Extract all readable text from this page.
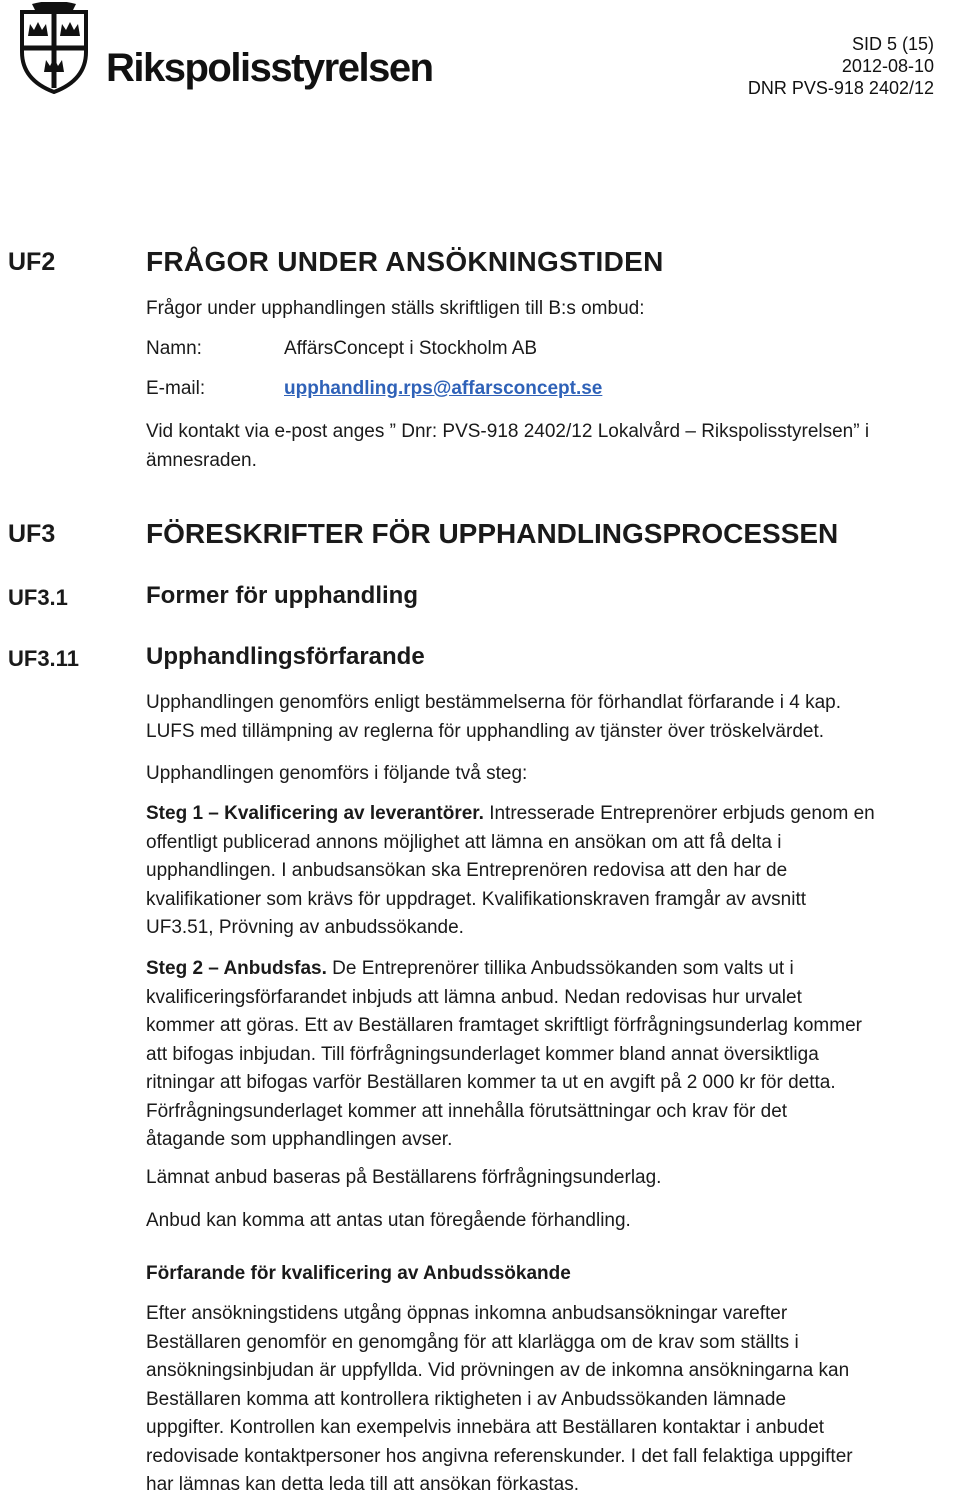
Rikspolisstyrelsen
SID 5 (15)
2012-08-10
DNR PVS-918 2402/12
UF2	FRÅGOR UNDER ANSÖKNINGSTIDEN
Frågor under upphandlingen ställs skriftligen till B:s ombud:
Namn:	AffärsConcept i Stockholm AB
E-mail:	upphandling.rps@affarsconcept.se
Vid kontakt via e-post anges ” Dnr: PVS-918 2402/12 Lokalvård – Rikspolisstyrelsen” i
ämnesraden.
UF3	FÖRESKRIFTER FÖR UPPHANDLINGSPROCESSEN
UF3.1	Former för upphandling
UF3.11	Upphandlingsförfarande
Upphandlingen genomförs enligt bestämmelserna för förhandlat förfarande i 4 kap.
LUFS med tillämpning av reglerna för upphandling av tjänster över tröskelvärdet.
Upphandlingen genomförs i följande två steg:
Steg 1 – Kvalificering av leverantörer. Intresserade Entreprenörer erbjuds genom en
offentligt publicerad annons möjlighet att lämna en ansökan om att få delta i
upphandlingen. I anbudsansökan ska Entreprenören redovisa att den har de
kvalifikationer som krävs för uppdraget. Kvalifikationskraven framgår av avsnitt
UF3.51, Prövning av anbudssökande.
Steg 2 – Anbudsfas. De Entreprenörer tillika Anbudssökanden som valts ut i
kvalificeringsförfarandet inbjuds att lämna anbud. Nedan redovisas hur urvalet
kommer att göras. Ett av Beställaren framtaget skriftligt förfrågningsunderlag kommer
att bifogas inbjudan. Till förfrågningsunderlaget kommer bland annat översiktliga
ritningar att bifogas varför Beställaren kommer ta ut en avgift på 2 000 kr för detta.
Förfrågningsunderlaget kommer att innehålla förutsättningar och krav för det
åtagande som upphandlingen avser.
Lämnat anbud baseras på Beställarens förfrågningsunderlag.
Anbud kan komma att antas utan föregående förhandling.
Förfarande för kvalificering av Anbudssökande
Efter ansökningstidens utgång öppnas inkomna anbudsansökningar varefter
Beställaren genomför en genomgång för att klarlägga om de krav som ställts i
ansökningsinbjudan är uppfyllda. Vid prövningen av de inkomna ansökningarna kan
Beställaren komma att kontrollera riktigheten i av Anbudssökanden lämnade
uppgifter. Kontrollen kan exempelvis innebära att Beställaren kontaktar i anbudet
redovisade kontaktpersoner hos angivna referenskunder. I det fall felaktiga uppgifter
har lämnas kan detta leda till att ansökan förkastas.
